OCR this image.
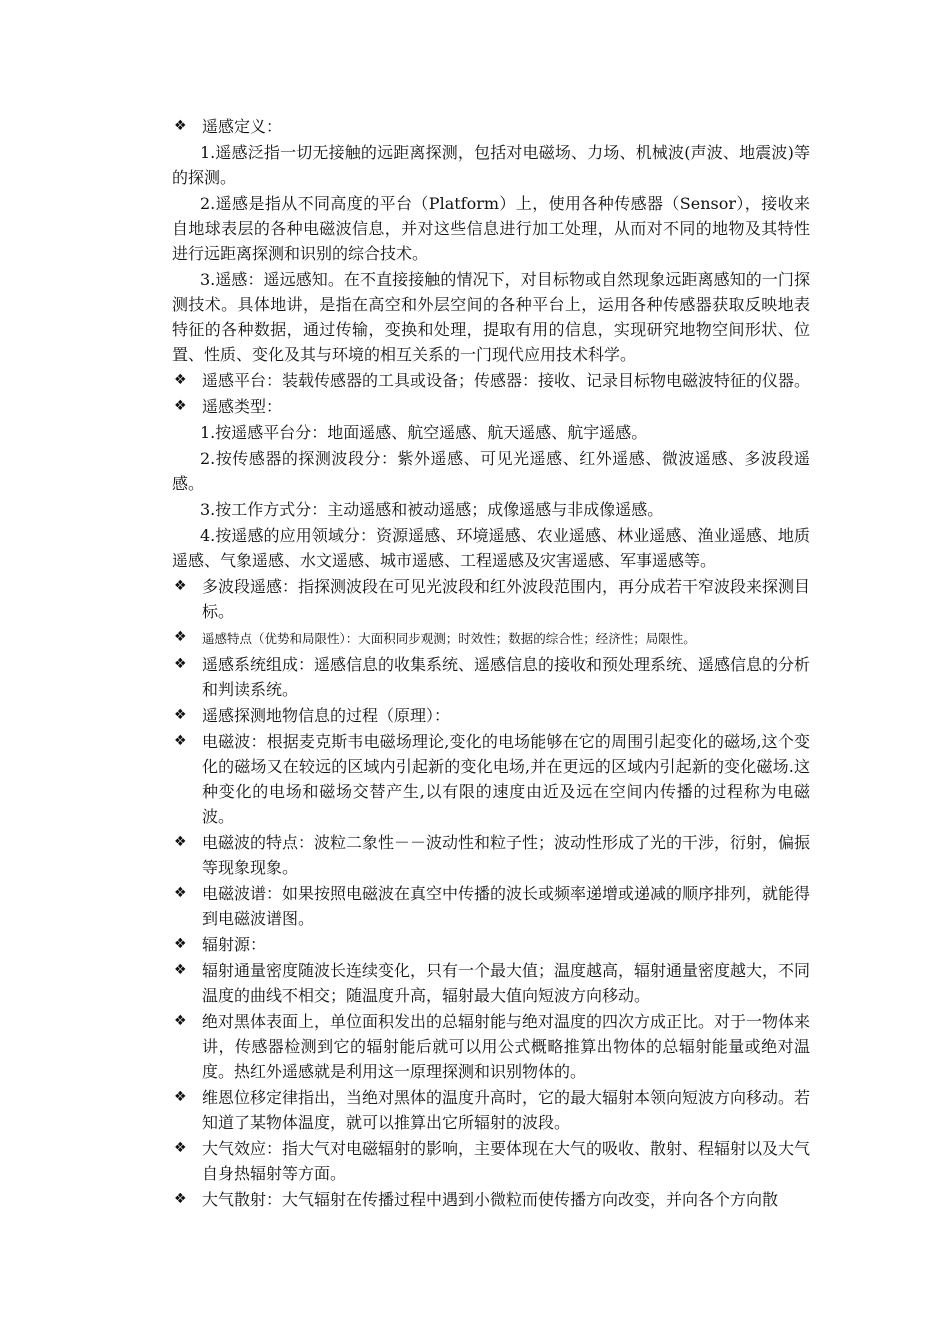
❖ 遥感定义：
1.遥感泛指一切无接触的远距离探测，包括对电磁场、力场、机械波(声波、地震波)等的探测。
2.遥感是指从不同高度的平台（Platform）上，使用各种传感器（Sensor），接收来自地球表层的各种电磁波信息，并对这些信息进行加工处理，从而对不同的地物及其特性进行远距离探测和识别的综合技术。
3.遥感：遥远感知。在不直接接触的情况下，对目标物或自然现象远距离感知的一门探测技术。具体地讲，是指在高空和外层空间的各种平台上，运用各种传感器获取反映地表特征的各种数据，通过传输，变换和处理，提取有用的信息，实现研究地物空间形状、位置、性质、变化及其与环境的相互关系的一门现代应用技术科学。
❖ 遥感平台：装载传感器的工具或设备；传感器：接收、记录目标物电磁波特征的仪器。
❖ 遥感类型：
1.按遥感平台分：地面遥感、航空遥感、航天遥感、航宇遥感。
2.按传感器的探测波段分：紫外遥感、可见光遥感、红外遥感、微波遥感、多波段遥感。
3.按工作方式分：主动遥感和被动遥感；成像遥感与非成像遥感。
4.按遥感的应用领域分：资源遥感、环境遥感、农业遥感、林业遥感、渔业遥感、地质遥感、气象遥感、水文遥感、城市遥感、工程遥感及灾害遥感、军事遥感等。
❖ 多波段遥感：指探测波段在可见光波段和红外波段范围内，再分成若干窄波段来探测目标。
❖ 遥感特点（优势和局限性）：大面积同步观测；时效性；数据的综合性；经济性；局限性。
❖ 遥感系统组成：遥感信息的收集系统、遥感信息的接收和预处理系统、遥感信息的分析和判读系统。
❖ 遥感探测地物信息的过程（原理）：
❖ 电磁波：根据麦克斯韦电磁场理论,变化的电场能够在它的周围引起变化的磁场,这个变化的磁场又在较远的区域内引起新的变化电场,并在更远的区域内引起新的变化磁场.这种变化的电场和磁场交替产生,以有限的速度由近及远在空间内传播的过程称为电磁波。
❖ 电磁波的特点：波粒二象性－－波动性和粒子性；波动性形成了光的干涉，衍射，偏振等现象现象。
❖ 电磁波谱：如果按照电磁波在真空中传播的波长或频率递增或递减的顺序排列，就能得到电磁波谱图。
❖ 辐射源：
❖ 辐射通量密度随波长连续变化，只有一个最大值；温度越高，辐射通量密度越大，不同温度的曲线不相交；随温度升高，辐射最大值向短波方向移动。
❖ 绝对黑体表面上，单位面积发出的总辐射能与绝对温度的四次方成正比。对于一物体来讲，传感器检测到它的辐射能后就可以用公式概略推算出物体的总辐射能量或绝对温度。热红外遥感就是利用这一原理探测和识别物体的。
❖ 维恩位移定律指出，当绝对黑体的温度升高时，它的最大辐射本领向短波方向移动。若知道了某物体温度，就可以推算出它所辐射的波段。
❖ 大气效应：指大气对电磁辐射的影响，主要体现在大气的吸收、散射、程辐射以及大气自身热辐射等方面。
❖ 大气散射：大气辐射在传播过程中遇到小微粒而使传播方向改变，并向各个方向散
